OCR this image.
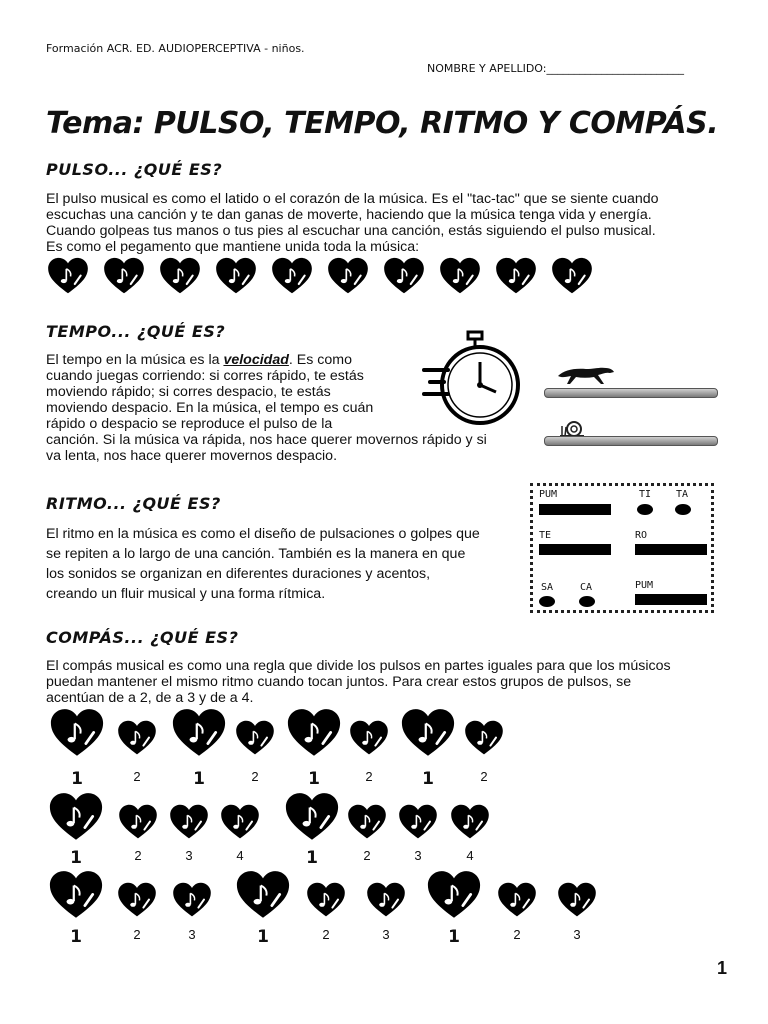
Formación ACR. ED. AUDIOPERCEPTIVA - niños.
NOMBRE Y APELLIDO:_________________________
Tema: PULSO, TEMPO, RITMO Y COMPÁS.
PULSO... ¿QUÉ ES?
El pulso musical es como el latido o el corazón de la música. Es el "tac-tac" que se siente cuando
escuchas una canción y te dan ganas de moverte, haciendo que la música tenga vida y energía.
Cuando golpeas tus manos o tus pies al escuchar una canción, estás siguiendo el pulso musical.
Es como el pegamento que mantiene unida toda la música:
TEMPO... ¿QUÉ ES?
El tempo en la música es la velocidad. Es como
cuando juegas corriendo: si corres rápido, te estás
moviendo rápido; si corres despacio, te estás
moviendo despacio. En la música, el tempo es cuán
rápido o despacio se reproduce el pulso de la
canción. Si la música va rápida, nos hace querer movernos rápido y si
va lenta, nos hace querer movernos despacio.
RITMO... ¿QUÉ ES?
El ritmo en la música es como el diseño de pulsaciones o golpes que
se repiten a lo largo de una canción. También es la manera en que
los sonidos se organizan en diferentes duraciones y acentos,
creando un fluir musical y una forma rítmica.
PUM	TI TA
TE	RO
SA	CA	PUM
COMPÁS... ¿QUÉ ES?
El compás musical es como una regla que divide los pulsos en partes iguales para que los músicos
puedan mantener el mismo ritmo cuando tocan juntos. Para crear estos grupos de pulsos, se
acentúan de a 2, de a 3 y de a 4.
1	2	1	2	1	2	1	2
1	2	3	4	1	2	3	4
1	2	3	1	2	3	1	2	3
1
